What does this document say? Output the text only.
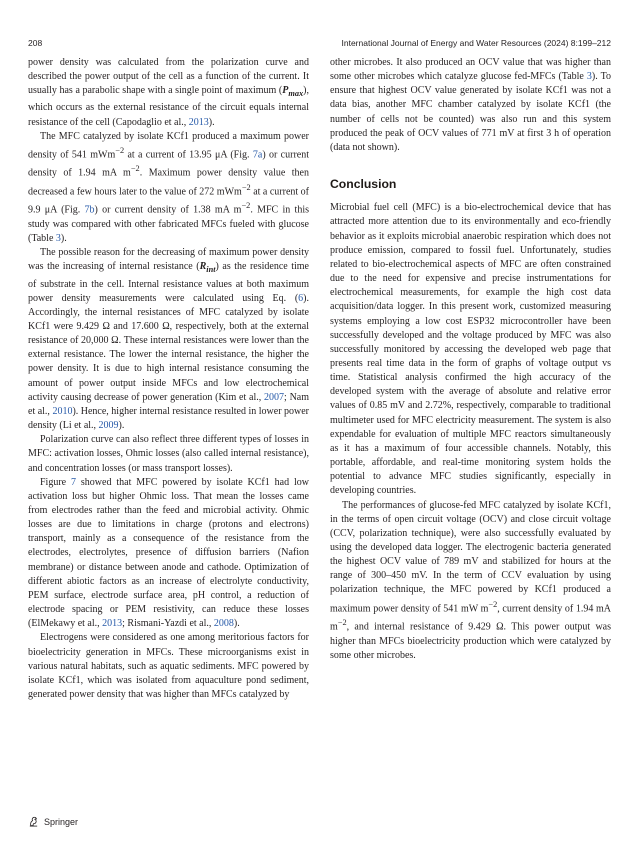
208	International Journal of Energy and Water Resources (2024) 8:199–212

power density was calculated from the polarization curve and described the power output of the cell as a function of the current. It usually has a parabolic shape with a single point of maximum $(P_{max})$, which occurs as the external resistance of the circuit equals internal resistance of the cell (Capodaglio et al., 2013).

The MFC catalyzed by isolate KCf1 produced a maximum power density of 541 mWm$^{-2}$ at a current of 13.95 μA (Fig. 7a) or current density of 1.94 mA $m^{-2}$. Maximum power density value then decreased a few hours later to the value of 272 mWm$^{-2}$ at a current of 9.9 μA (Fig. 7b) or current density of 1.38 mA $m^{-2}$. MFC in this study was compared with other fabricated MFCs fueled with glucose (Table 3).

The possible reason for the decreasing of maximum power density was the increasing of internal resistance $(R_{int})$ as the residence time of substrate in the cell. Internal resistance values at both maximum power density measurements were calculated using Eq. (6). Accordingly, the internal resistances of MFC catalyzed by isolate KCf1 were 9.429 Ω and 17.600 Ω, respectively, both at the external resistance of 20,000 Ω. These internal resistances were lower than the external resistance. The lower the internal resistance, the higher the power density. It is due to high internal resistance consuming the amount of power output inside MFCs and low electrochemical activity causing decrease of power generation (Kim et al., 2007; Nam et al., 2010). Hence, higher internal resistance resulted in lower power density (Li et al., 2009).

Polarization curve can also reflect three different types of losses in MFC: activation losses, Ohmic losses (also called internal resistance), and concentration losses (or mass transport losses).

Figure 7 showed that MFC powered by isolate KCf1 had low activation loss but higher Ohmic loss. That mean the losses came from electrodes rather than the feed and microbial activity. Ohmic losses are due to limitations in charge (protons and electrons) transport, mainly as a consequence of the resistance from the electrodes, electrolytes, presence of diffusion barriers (Nafion membrane) or distance between anode and cathode. Optimization of different abiotic factors as an increase of electrolyte conductivity, PEM surface, electrode surface area, pH control, a reduction of electrode spacing or PEM resistivity, can reduce these losses (ElMekawy et al., 2013; Rismani-Yazdi et al., 2008).

Electrogens were considered as one among meritorious factors for bioelectricity generation in MFCs. These microorganisms exist in various natural habitats, such as aquatic sediments. MFC powered by isolate KCf1, which was isolated from aquaculture pond sediment, generated power density that was higher than MFCs catalyzed by

other microbes. It also produced an OCV value that was higher than some other microbes which catalyze glucose fed-MFCs (Table 3). To ensure that highest OCV value generated by isolate KCf1 was not a data bias, another MFC chamber catalyzed by isolate KCf1 (the number of cells not be counted) was also run and this system produced the peak of OCV values of 771 mV at first 3 h of operation (data not shown).

Conclusion

Microbial fuel cell (MFC) is a bio-electrochemical device that has attracted more attention due to its environmentally and eco-friendly behavior as it exploits microbial anaerobic respiration which does not produce emission, compared to fossil fuel. Unfortunately, studies related to bio-electrochemical aspects of MFC are often constrained due to the need for expensive and precise instrumentations for electrochemical measurements, for example the high cost data acquisition/data logger. In this present work, customized measuring systems employing a low cost ESP32 microcontroller have been successfully developed and the voltage produced by MFC was also successfully monitored by accessing the developed web page that presents real time data in the form of graphs of voltage output vs time. Statistical analysis confirmed the high accuracy of the developed system with the average of absolute and relative error values of 0.85 mV and 2.72%, respectively, comparable to traditional multimeter used for MFC electricity measurement. The system is also expendable for evaluation of multiple MFC reactors simultaneously as it has a maximum of four accessible channels. Notably, this portable, affordable, and real-time monitoring system holds the potential to advance MFC studies significantly, especially in developing countries.

The performances of glucose-fed MFC catalyzed by isolate KCf1, in the terms of open circuit voltage (OCV) and close circuit voltage (CCV, polarization technique), were also successfully evaluated by using the developed data logger. The electrogenic bacteria generated the highest OCV value of 789 mV and stabilized for hours at the range of 300–450 mV. In the term of CCV evaluation by using polarization technique, the MFC powered by KCf1 produced a maximum power density of 541 mW $m^{-2}$, current density of 1.94 mA $m^{-2}$, and internal resistance of 9.429 Ω. This power output was higher than MFCs bioelectricity production which were catalyzed by some other microbes.

Springer
